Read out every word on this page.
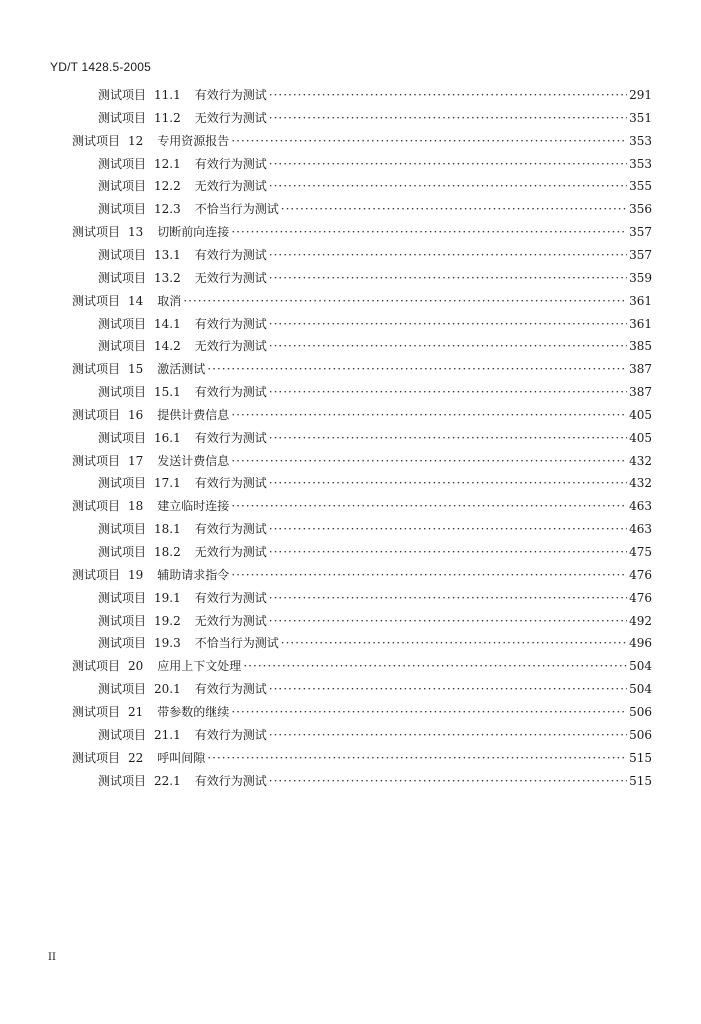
YD/T 1428.5-2005
测试项目 11.1	有效行为测试 ·····	291
测试项目 11.2	无效行为测试 ·····	351
测试项目 12	专用资源报告 ·····	353
测试项目 12.1	有效行为测试 ·····	353
测试项目 12.2	无效行为测试 ·····	355
测试项目 12.3	不恰当行为测试 ·····	356
测试项目 13	切断前向连接 ·····	357
测试项目 13.1	有效行为测试 ·····	357
测试项目 13.2	无效行为测试 ·····	359
测试项目 14	取消 ·····	361
测试项目 14.1	有效行为测试 ·····	361
测试项目 14.2	无效行为测试 ·····	385
测试项目 15	激活测试 ·····	387
测试项目 15.1	有效行为测试 ·····	387
测试项目 16	提供计费信息 ·····	405
测试项目 16.1	有效行为测试 ·····	405
测试项目 17	发送计费信息 ·····	432
测试项目 17.1	有效行为测试 ·····	432
测试项目 18	建立临时连接 ·····	463
测试项目 18.1	有效行为测试 ·····	463
测试项目 18.2	无效行为测试 ·····	475
测试项目 19	辅助请求指令 ·····	476
测试项目 19.1	有效行为测试 ·····	476
测试项目 19.2	无效行为测试 ·····	492
测试项目 19.3	不恰当行为测试 ·····	496
测试项目 20	应用上下文处理 ·····	504
测试项目 20.1	有效行为测试 ·····	504
测试项目 21	带参数的继续 ·····	506
测试项目 21.1	有效行为测试 ·····	506
测试项目 22	呼叫间隙 ·····	515
测试项目 22.1	有效行为测试 ·····	515
II
